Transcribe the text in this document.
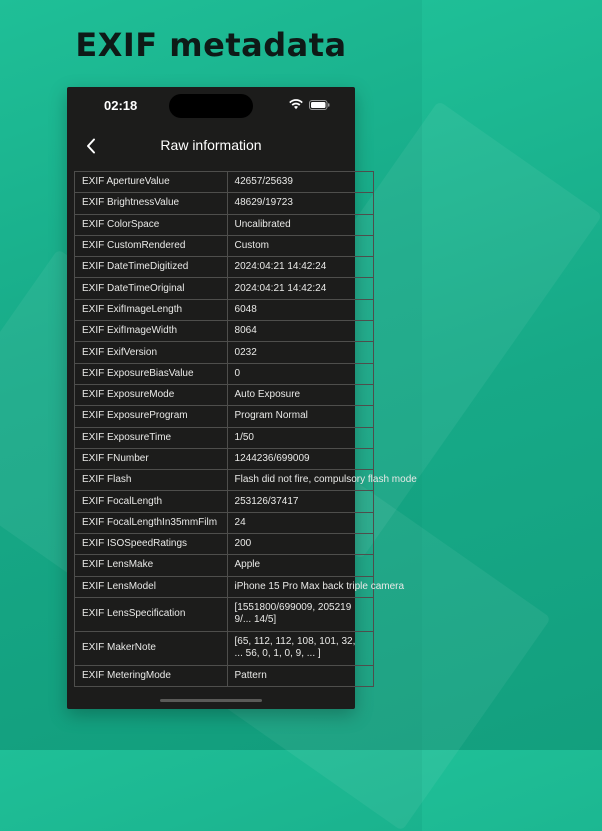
EXIF metadata
02:18
Raw information
EXIF ApertureValue	42657/25639
EXIF BrightnessValue	48629/19723
EXIF ColorSpace	Uncalibrated
EXIF CustomRendered	Custom
EXIF DateTimeDigitized	2024:04:21 14:42:24
EXIF DateTimeOriginal	2024:04:21 14:42:24
EXIF ExifImageLength	6048
EXIF ExifImageWidth	8064
EXIF ExifVersion	0232
EXIF ExposureBiasValue	0
EXIF ExposureMode	Auto Exposure
EXIF ExposureProgram	Program Normal
EXIF ExposureTime	1/50
EXIF FNumber	1244236/699009
EXIF Flash	Flash did not fire, compulsory flash mode
EXIF FocalLength	253126/37417
EXIF FocalLengthIn35mmFilm	24
EXIF ISOSpeedRatings	200
EXIF LensMake	Apple
EXIF LensModel	iPhone 15 Pro Max back triple camera
EXIF LensSpecification	[1551800/699009, 2052199/... 14/5]
EXIF MakerNote	[65, 112, 112, 108, 101, 32, ... 56, 0, 1, 0, 9, ... ]
EXIF MeteringMode	Pattern
